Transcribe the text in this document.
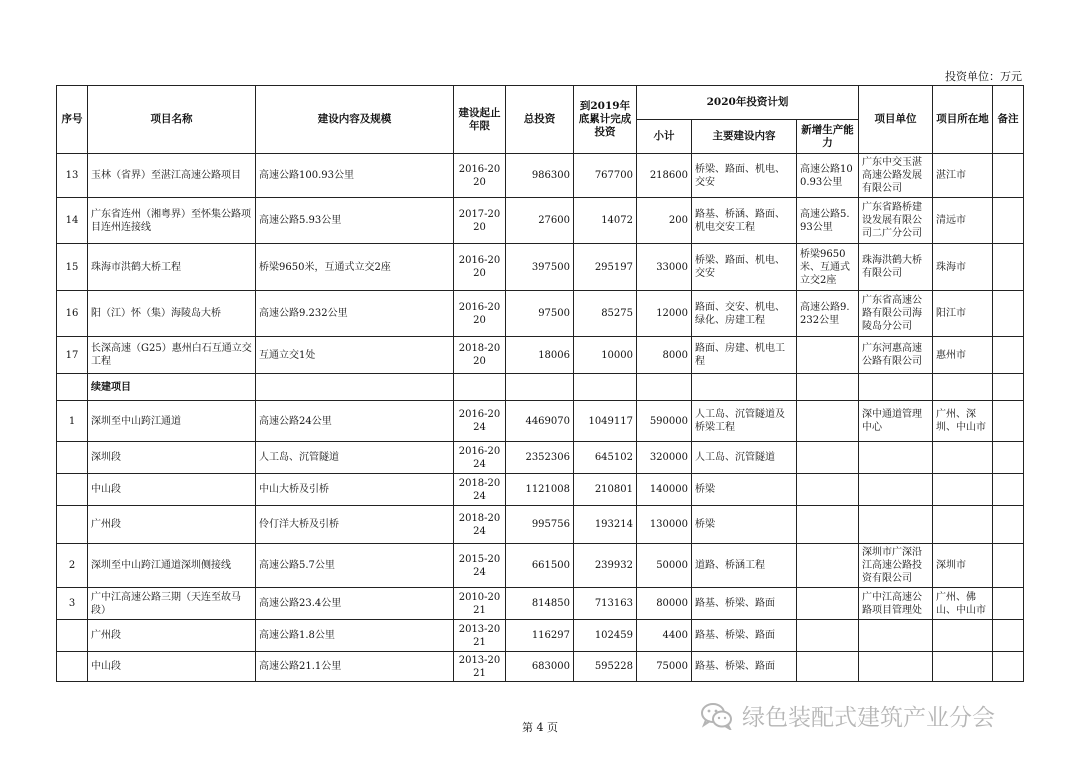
投资单位：万元
序号	项目名称	建设内容及规模	建设起止年限	总投资	到2019年底累计完成投资	2020年投资计划			项目单位	项目所在地	备注
						小计	主要建设内容	新增生产能力			
13	玉林（省界）至湛江高速公路项目	高速公路100.93公里	2016-2020	986300	767700	218600	桥梁、路面、机电、交安	高速公路100.93公里	广东中交玉湛高速公路发展有限公司	湛江市	
14	广东省连州（湘粤界）至怀集公路项目连州连接线	高速公路5.93公里	2017-2020	27600	14072	200	路基、桥涵、路面、机电交安工程	高速公路5.93公里	广东省路桥建设发展有限公司二广分公司	清远市	
15	珠海市洪鹤大桥工程	桥梁9650米，互通式立交2座	2016-2020	397500	295197	33000	桥梁、路面、机电、交安	桥梁9650米、互通式立交2座	珠海洪鹤大桥有限公司	珠海市	
16	阳（江）怀（集）海陵岛大桥	高速公路9.232公里	2016-2020	97500	85275	12000	路面、交安、机电、绿化、房建工程	高速公路9.232公里	广东省高速公路有限公司海陵岛分公司	阳江市	
17	长深高速（G25）惠州白石互通立交工程	互通立交1处	2018-2020	18006	10000	8000	路面、房建、机电工程		广东河惠高速公路有限公司	惠州市	
	续建项目										
1	深圳至中山跨江通道	高速公路24公里	2016-2024	4469070	1049117	590000	人工岛、沉管隧道及桥梁工程		深中通道管理中心	广州、深圳、中山市	
	深圳段	人工岛、沉管隧道	2016-2024	2352306	645102	320000	人工岛、沉管隧道				
	中山段	中山大桥及引桥	2018-2024	1121008	210801	140000	桥梁				
	广州段	伶仃洋大桥及引桥	2018-2024	995756	193214	130000	桥梁				
2	深圳至中山跨江通道深圳侧接线	高速公路5.7公里	2015-2024	661500	239932	50000	道路、桥涵工程		深圳市广深沿江高速公路投资有限公司	深圳市	
3	广中江高速公路三期（天连至故马段）	高速公路23.4公里	2010-2021	814850	713163	80000	路基、桥梁、路面		广中江高速公路项目管理处	广州、佛山、中山市	
	广州段	高速公路1.8公里	2013-2021	116297	102459	4400	路基、桥梁、路面				
	中山段	高速公路21.1公里	2013-2021	683000	595228	75000	路基、桥梁、路面				
第 4 页	绿色装配式建筑产业分会
